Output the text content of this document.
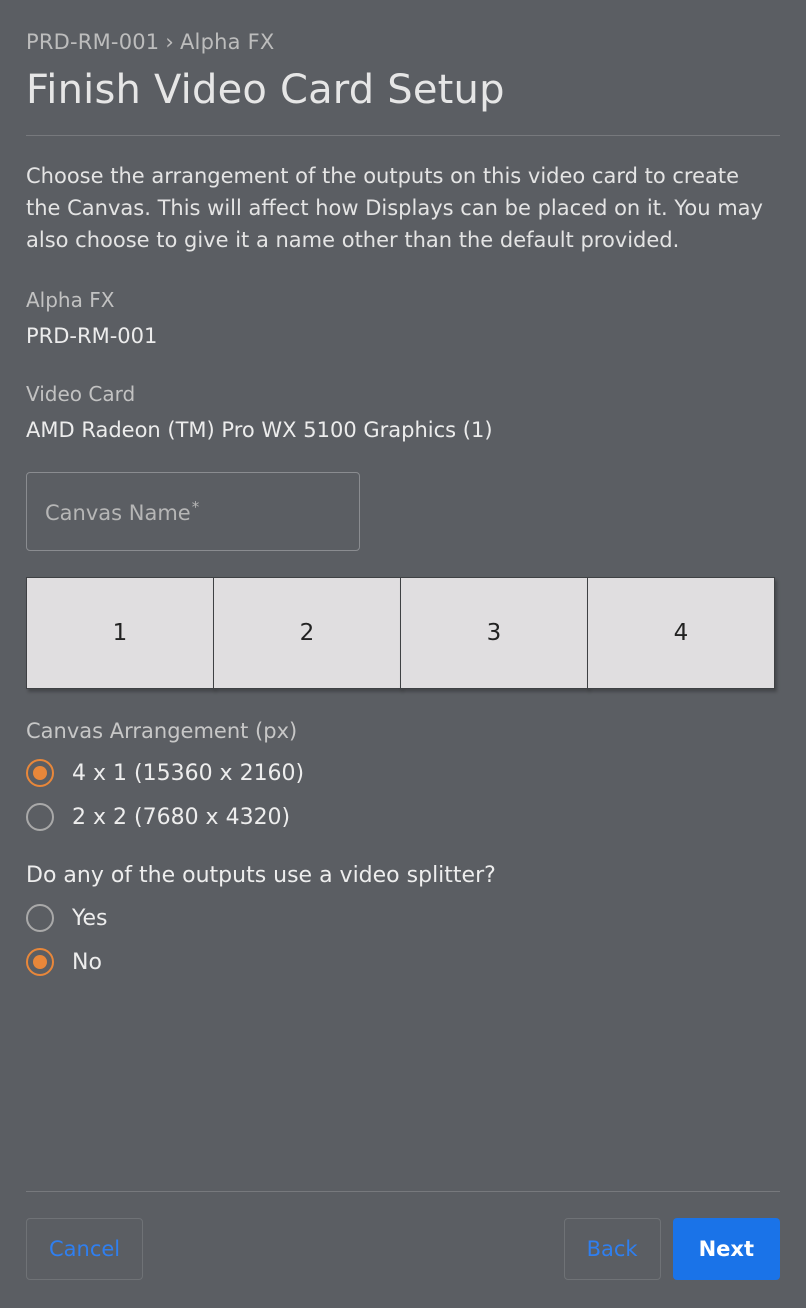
PRD-RM-001 › Alpha FX
Finish Video Card Setup
Choose the arrangement of the outputs on this video card to create the Canvas. This will affect how Displays can be placed on it. You may also choose to give it a name other than the default provided.
Alpha FX
PRD-RM-001
Video Card
AMD Radeon (TM) Pro WX 5100 Graphics (1)
Canvas Name*
1	2	3	4
Canvas Arrangement (px)
4 x 1 (15360 x 2160)
2 x 2 (7680 x 4320)
Do any of the outputs use a video splitter?
Yes
No
Cancel	Back	Next
